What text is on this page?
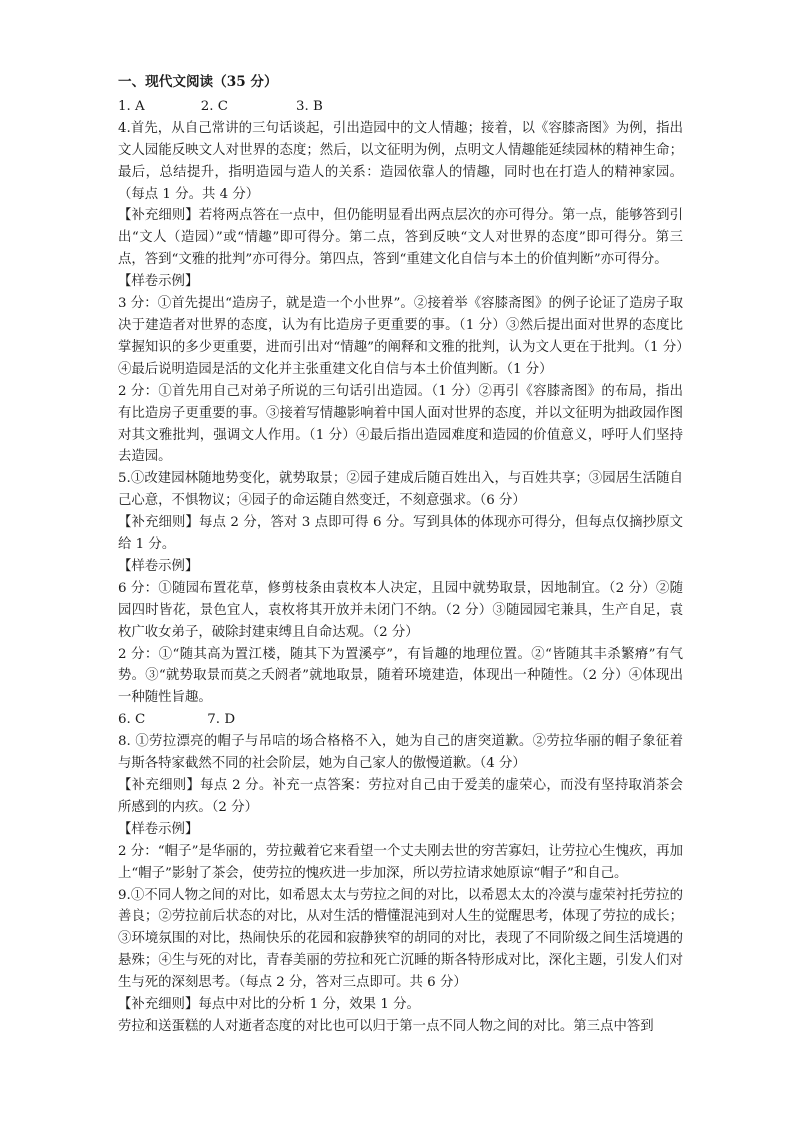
一、现代文阅读（35 分）

1. A	2. C	3. B

4.首先，从自己常讲的三句话谈起，引出造园中的文人情趣；接着，以《容膝斋图》为例，指出文人园能反映文人对世界的态度；然后，以文征明为例，点明文人情趣能延续园林的精神生命；最后，总结提升，指明造园与造人的关系：造园依靠人的情趣，同时也在打造人的精神家园。（每点 1 分。共 4 分）

【补充细则】若将两点答在一点中，但仍能明显看出两点层次的亦可得分。第一点，能够答到引出“文人（造园）”或“情趣”即可得分。第二点，答到反映“文人对世界的态度”即可得分。第三点，答到“文雅的批判”亦可得分。第四点，答到“重建文化自信与本土的价值判断”亦可得分。

【样卷示例】

3 分：①首先提出“造房子，就是造一个小世界”。②接着举《容膝斋图》的例子论证了造房子取决于建造者对世界的态度，认为有比造房子更重要的事。（1 分）③然后提出面对世界的态度比掌握知识的多少更重要，进而引出对“情趣”的阐释和文雅的批判，认为文人更在于批判。（1 分）④最后说明造园是活的文化并主张重建文化自信与本土价值判断。（1 分）

2 分：①首先用自己对弟子所说的三句话引出造园。（1 分）②再引《容膝斋图》的布局，指出有比造房子更重要的事。③接着写情趣影响着中国人面对世界的态度，并以文征明为拙政园作图对其文雅批判，强调文人作用。（1 分）④最后指出造园难度和造园的价值意义，呼吁人们坚持去造园。

5.①改建园林随地势变化，就势取景；②园子建成后随百姓出入，与百姓共享；③园居生活随自己心意，不惧物议；④园子的命运随自然变迁，不刻意强求。（6 分）

【补充细则】每点 2 分，答对 3 点即可得 6 分。写到具体的体现亦可得分，但每点仅摘抄原文给 1 分。

【样卷示例】

6 分：①随园布置花草，修剪枝条由袁枚本人决定，且园中就势取景，因地制宜。（2 分）②随园四时皆花，景色宜人，袁枚将其开放并未闭门不纳。（2 分）③随园园宅兼具，生产自足，袁枚广收女弟子，破除封建束缚且自命达观。（2 分）

2 分：①“随其高为置江楼，随其下为置溪亭”，有旨趣的地理位置。②“皆随其丰杀繁瘠”有气势。③“就势取景而莫之夭阏者”就地取景，随着环境建造，体现出一种随性。（2 分）④体现出一种随性旨趣。

6. C	7. D

8. ①劳拉漂亮的帽子与吊唁的场合格格不入，她为自己的唐突道歉。②劳拉华丽的帽子象征着与斯各特家截然不同的社会阶层，她为自己家人的傲慢道歉。（4 分）

【补充细则】每点 2 分。补充一点答案：劳拉对自己由于爱美的虚荣心，而没有坚持取消茶会所感到的内疚。（2 分）

【样卷示例】

2 分：“帽子”是华丽的，劳拉戴着它来看望一个丈夫刚去世的穷苦寡妇，让劳拉心生愧疚，再加上“帽子”影射了茶会，使劳拉的愧疚进一步加深，所以劳拉请求她原谅“帽子”和自己。

9.①不同人物之间的对比，如希恩太太与劳拉之间的对比，以希恩太太的冷漠与虚荣衬托劳拉的善良；②劳拉前后状态的对比，从对生活的懵懂混沌到对人生的觉醒思考，体现了劳拉的成长；③环境氛围的对比，热闹快乐的花园和寂静狭窄的胡同的对比，表现了不同阶级之间生活境遇的悬殊；④生与死的对比，青春美丽的劳拉和死亡沉睡的斯各特形成对比，深化主题，引发人们对生与死的深刻思考。（每点 2 分，答对三点即可。共 6 分）

【补充细则】每点中对比的分析 1 分，效果 1 分。

劳拉和送蛋糕的人对逝者态度的对比也可以归于第一点不同人物之间的对比。第三点中答到
